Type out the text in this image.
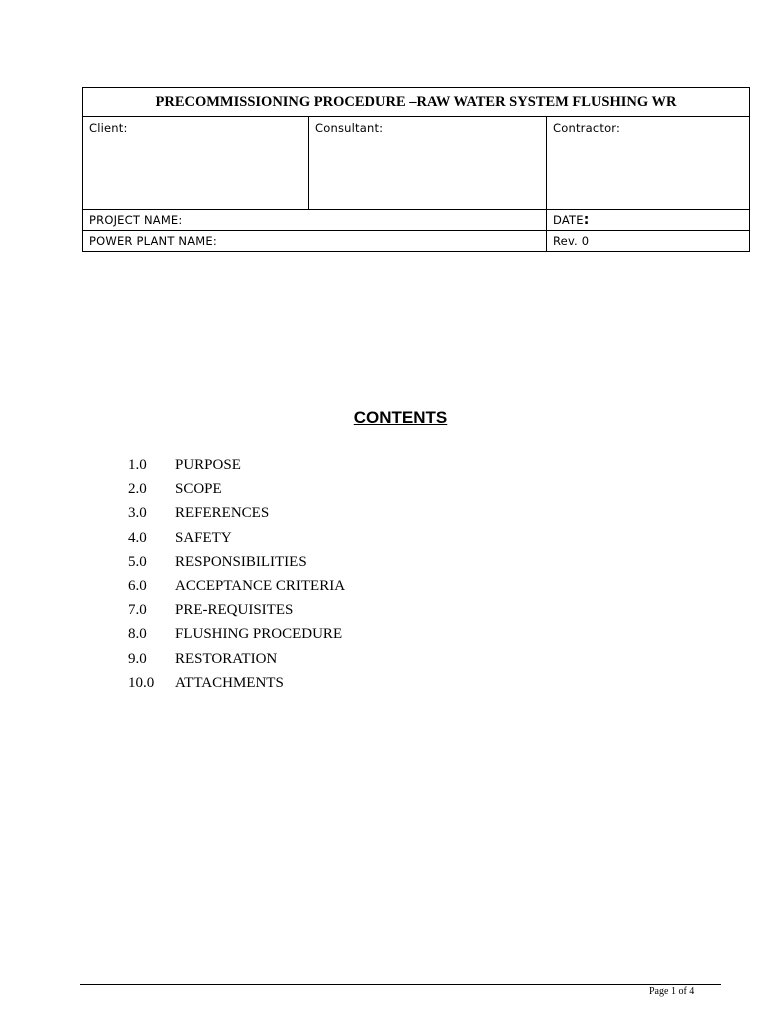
PRECOMMISSIONING PROCEDURE –RAW WATER SYSTEM FLUSHING WR		
Client:	Consultant:	Contractor:
PROJECT NAME:		DATE:
POWER PLANT NAME:		Rev. 0
CONTENTS
1.0 PURPOSE
2.0 SCOPE
3.0 REFERENCES
4.0 SAFETY
5.0 RESPONSIBILITIES
6.0 ACCEPTANCE CRITERIA
7.0 PRE-REQUISITES
8.0 FLUSHING PROCEDURE
9.0 RESTORATION
10.0 ATTACHMENTS
Page 1 of 4
